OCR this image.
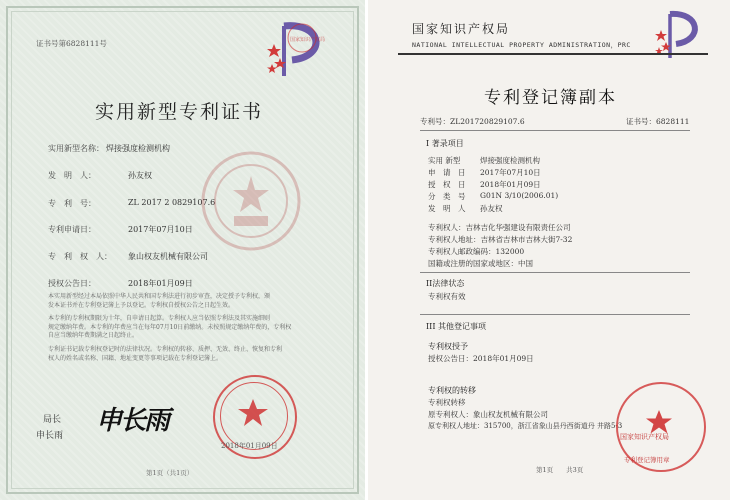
证书号第6828111号	国家知识产权局
实用新型专利证书
实用新型名称： 焊接强度检测机构
发　明　人：	孙友权
专　利　号：	ZL 2017 2 0829107.6
专利申请日：	2017年07月10日
专　利　权　人： 象山权友机械有限公司
授权公告日：	2018年01月09日
本实用新型经过本局依照中华人民共和国专利法进行初步审查，决定授予专利权，颁
发本证书并在专利登记簿上予以登记。专利权自授权公告之日起生效。
本专利的专利权期限为十年，自申请日起算。专利权人应当依照专利法及其实施细则
规定缴纳年费。本专利的年费应当在每年07月10日前缴纳。未按照规定缴纳年费的，专利权
自应当缴纳年费期满之日起终止。
专利证书记载专利权登记时的法律状况。专利权的转移、质押、无效、终止、恢复和专利
权人的姓名或名称、国籍、地址变更等事项记载在专利登记簿上。
局长
申长雨 申长雨
2018年01月09日
第1页（共1页）
国家知识产权局
NATIONAL INTELLECTUAL PROPERTY ADMINISTRATION，PRC
专利登记簿副本
专利号：ZL201720829107.6	证书号：6828111
Ⅰ 著录项目
实用 新型	焊接强度检测机构
申　请　日 2017年07月10日
授　权　日 2018年01月09日
分　类　号 G01N 3/10(2006.01)
发　明　人 孙友权
专利权人：吉林吉化华强建设有限责任公司
专利权人地址：吉林省吉林市吉林大街7-32
专利权人邮政编码：132000
国籍或注册的国家或地区：中国
II法律状态
专利权有效
III 其他登记事项
专利权授予
授权公告日：2018年01月09日
专利权的转移
专利权转移
原专利权人：象山权友机械有限公司
原专利权人地址：315700，浙江省象山县丹西街道丹 井路5-3
国家知识产权局
专利登记簿用章
第1页　　共3页
